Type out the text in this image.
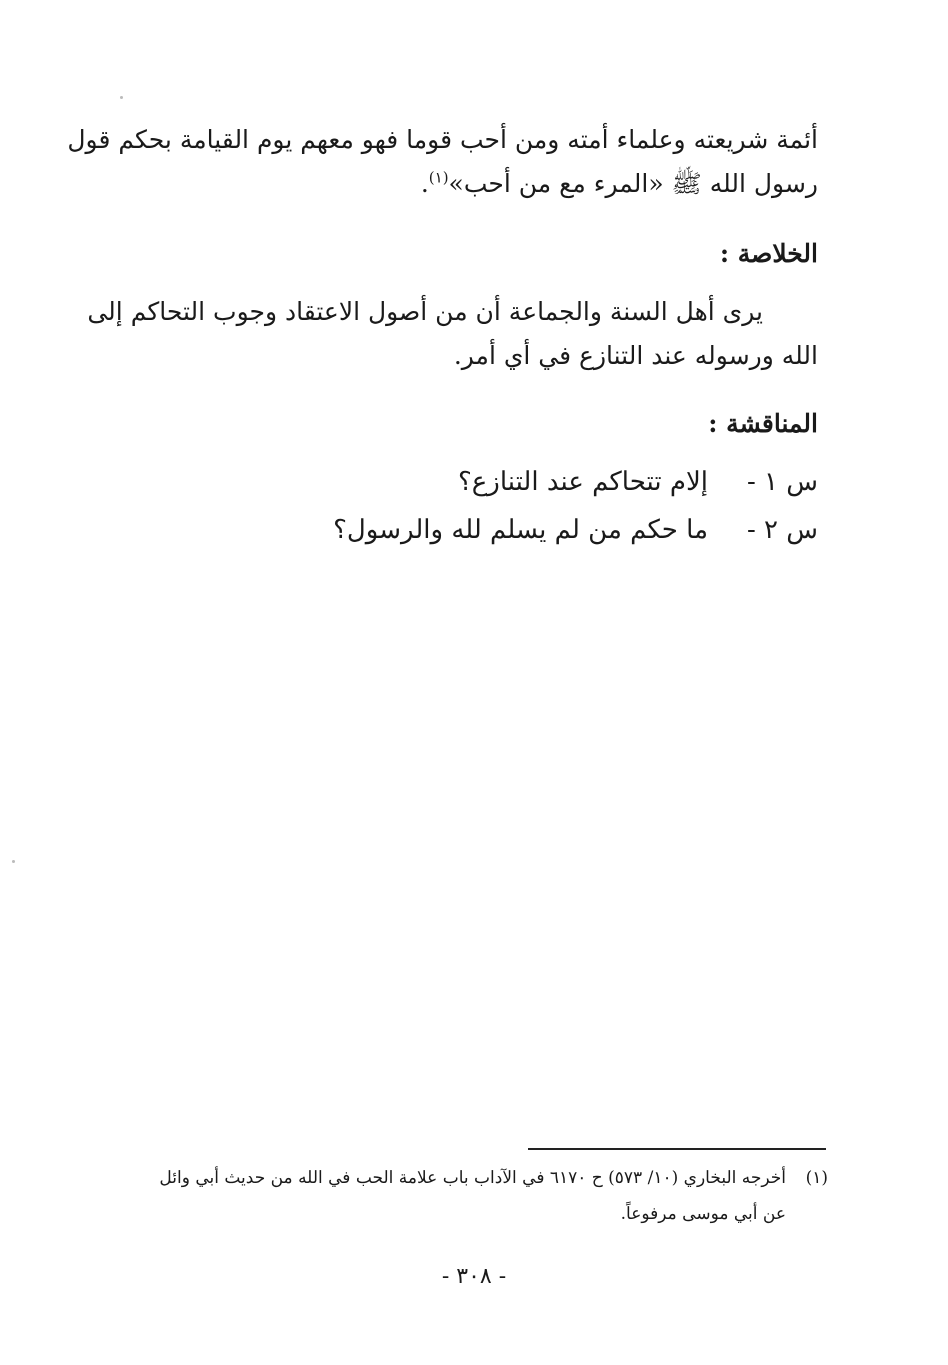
أئمة شريعته وعلماء أمته ومن أحب قوما فهو معهم يوم القيامة بحكم قول
رسول الله ﷺ «المرء مع من أحب»$^{(١)}$.
الخلاصة :
يرى أهل السنة والجماعة أن من أصول الاعتقاد وجوب التحاكم إلى
الله ورسوله عند التنازع في أي أمر.
المناقشة :
س ١ -إلام تتحاكم عند التنازع؟
س ٢ -ما حكم من لم يسلم لله والرسول؟
(١)أخرجه البخاري (١٠/ ٥٧٣) ح ٦١٧٠ في الآداب باب علامة الحب في الله من حديث أبي وائل
عن أبي موسى مرفوعاً.
- ٣٠٨ -
